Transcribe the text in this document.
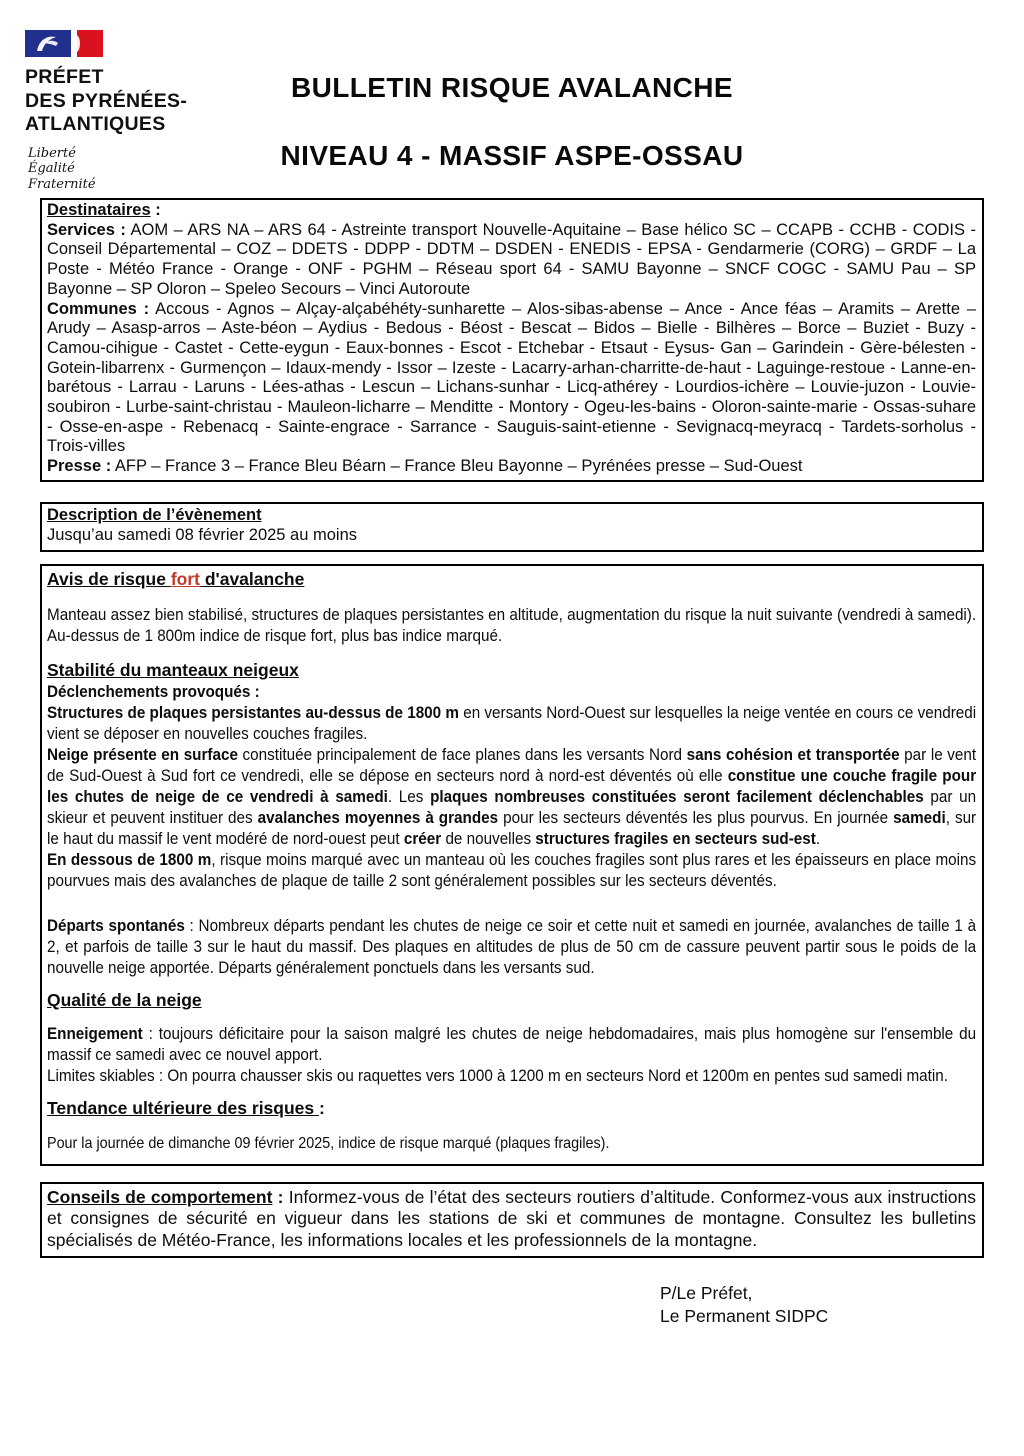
PRÉFET
DES PYRÉNÉES-
ATLANTIQUES
Liberté
Égalité
Fraternité
BULLETIN RISQUE AVALANCHE
NIVEAU 4 - MASSIF ASPE-OSSAU

Destinataires :

Services : AOM – ARS NA – ARS 64 - Astreinte transport Nouvelle-Aquitaine – Base hélico SC – CCAPB - CCHB - CODIS - Conseil Départemental – COZ – DDETS - DDPP - DDTM – DSDEN - ENEDIS - EPSA - Gendarmerie (CORG) – GRDF – La Poste - Météo France - Orange - ONF - PGHM – Réseau sport 64 - SAMU Bayonne – SNCF COGC - SAMU Pau – SP Bayonne – SP Oloron – Speleo Secours – Vinci Autoroute

Communes : Accous - Agnos – Alçay-alçabéhéty-sunharette – Alos-sibas-abense – Ance - Ance féas – Aramits – Arette – Arudy – Asasp-arros – Aste-béon – Aydius - Bedous - Béost - Bescat – Bidos – Bielle - Bilhères – Borce – Buziet - Buzy - Camou-cihigue - Castet - Cette-eygun - Eaux-bonnes - Escot - Etchebar - Etsaut - Eysus- Gan – Garindein - Gère-bélesten - Gotein-libarrenx - Gurmençon – Idaux-mendy - Issor – Izeste - Lacarry-arhan-charritte-de-haut - Laguinge-restoue - Lanne-en-barétous - Larrau - Laruns - Lées-athas - Lescun – Lichans-sunhar - Licq-athérey - Lourdios-ichère – Louvie-juzon - Louvie-soubiron - Lurbe-saint-christau - Mauleon-licharre – Menditte - Montory - Ogeu-les-bains - Oloron-sainte-marie - Ossas-suhare - Osse-en-aspe - Rebenacq - Sainte-engrace - Sarrance - Sauguis-saint-etienne - Sevignacq-meyracq - Tardets-sorholus - Trois-villes

Presse : AFP – France 3 – France Bleu Béarn – France Bleu Bayonne – Pyrénées presse – Sud-Ouest

Description de l’évènement

Jusqu’au samedi 08 février 2025 au moins

Avis de risque fort d'avalanche

Manteau assez bien stabilisé, structures de plaques persistantes en altitude, augmentation du risque la nuit suivante (vendredi à samedi). Au-dessus de 1 800m indice de risque fort, plus bas indice marqué.

Stabilité du manteaux neigeux

Déclenchements provoqués :

Structures de plaques persistantes au-dessus de 1800 m en versants Nord-Ouest sur lesquelles la neige ventée en cours ce vendredi vient se déposer en nouvelles couches fragiles.

Neige présente en surface constituée principalement de face planes dans les versants Nord sans cohésion et transportée par le vent de Sud-Ouest à Sud fort ce vendredi, elle se dépose en secteurs nord à nord-est déventés où elle constitue une couche fragile pour les chutes de neige de ce vendredi à samedi. Les plaques nombreuses constituées seront facilement déclenchables par un skieur et peuvent instituer des avalanches moyennes à grandes pour les secteurs déventés les plus pourvus. En journée samedi, sur le haut du massif le vent modéré de nord-ouest peut créer de nouvelles structures fragiles en secteurs sud-est.

En dessous de 1800 m, risque moins marqué avec un manteau où les couches fragiles sont plus rares et les épaisseurs en place moins pourvues mais des avalanches de plaque de taille 2 sont généralement possibles sur les secteurs déventés.

Départs spontanés : Nombreux départs pendant les chutes de neige ce soir et cette nuit et samedi en journée, avalanches de taille 1 à 2, et parfois de taille 3 sur le haut du massif. Des plaques en altitudes de plus de 50 cm de cassure peuvent partir sous le poids de la nouvelle neige apportée. Départs généralement ponctuels dans les versants sud.

Qualité de la neige

Enneigement : toujours déficitaire pour la saison malgré les chutes de neige hebdomadaires, mais plus homogène sur l'ensemble du massif ce samedi avec ce nouvel apport.

Limites skiables : On pourra chausser skis ou raquettes vers 1000 à 1200 m en secteurs Nord et 1200m en pentes sud samedi matin.

Tendance ultérieure des risques :

Pour la journée de dimanche 09 février 2025, indice de risque marqué (plaques fragiles).

Conseils de comportement : Informez-vous de l’état des secteurs routiers d’altitude. Conformez-vous aux instructions et consignes de sécurité en vigueur dans les stations de ski et communes de montagne. Consultez les bulletins spécialisés de Météo-France, les informations locales et les professionnels de la montagne.

P/Le Préfet,
Le Permanent SIDPC
